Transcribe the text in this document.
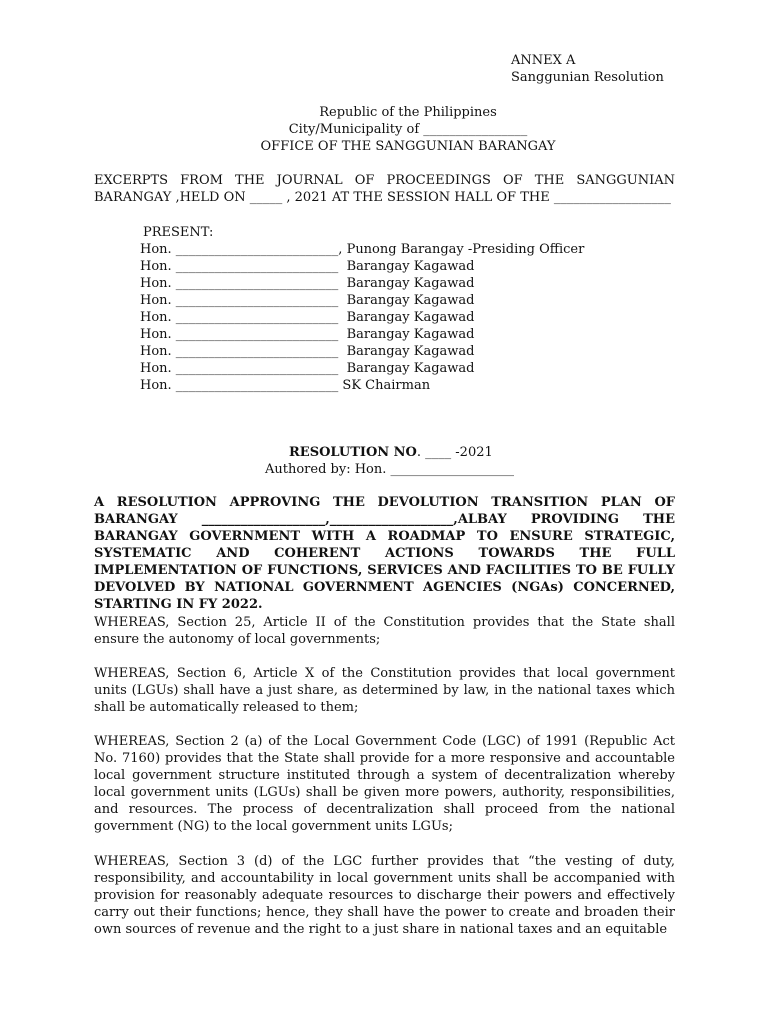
ANNEX A
Sanggunian Resolution
Republic of the Philippines
City/Municipality of ________________
OFFICE OF THE SANGGUNIAN BARANGAY
EXCERPTS FROM THE JOURNAL OF PROCEEDINGS OF THE SANGGUNIAN BARANGAY ,HELD ON _____ , 2021 AT THE SESSION HALL OF THE __________________
PRESENT:
Hon. _________________________, Punong Barangay -Presiding Officer
Hon. _________________________  Barangay Kagawad
Hon. _________________________  Barangay Kagawad
Hon. _________________________  Barangay Kagawad
Hon. _________________________  Barangay Kagawad
Hon. _________________________  Barangay Kagawad
Hon. _________________________  Barangay Kagawad
Hon. _________________________  Barangay Kagawad
Hon. _________________________ SK Chairman
RESOLUTION NO. ____ -2021
Authored by: Hon. ___________________
A RESOLUTION APPROVING THE DEVOLUTION TRANSITION PLAN OF BARANGAY ___________________,___________________,ALBAY PROVIDING THE BARANGAY GOVERNMENT WITH A ROADMAP TO ENSURE STRATEGIC, SYSTEMATIC AND COHERENT ACTIONS TOWARDS THE FULL IMPLEMENTATION OF FUNCTIONS, SERVICES AND FACILITIES TO BE FULLY DEVOLVED BY NATIONAL GOVERNMENT AGENCIES (NGAs) CONCERNED, STARTING IN FY 2022.
WHEREAS, Section 25, Article II of the Constitution provides that the State shall ensure the autonomy of local governments;
WHEREAS, Section 6, Article X of the Constitution provides that local government units (LGUs) shall have a just share, as determined by law, in the national taxes which shall be automatically released to them;
WHEREAS, Section 2 (a) of the Local Government Code (LGC) of 1991 (Republic Act No. 7160) provides that the State shall provide for a more responsive and accountable local government structure instituted through a system of decentralization whereby local government units (LGUs) shall be given more powers, authority, responsibilities, and resources. The process of decentralization shall proceed from the national government (NG) to the local government units LGUs;
WHEREAS, Section 3 (d) of the LGC further provides that “the vesting of duty, responsibility, and accountability in local government units shall be accompanied with provision for reasonably adequate resources to discharge their powers and effectively carry out their functions; hence, they shall have the power to create and broaden their own sources of revenue and the right to a just share in national taxes and an equitable
